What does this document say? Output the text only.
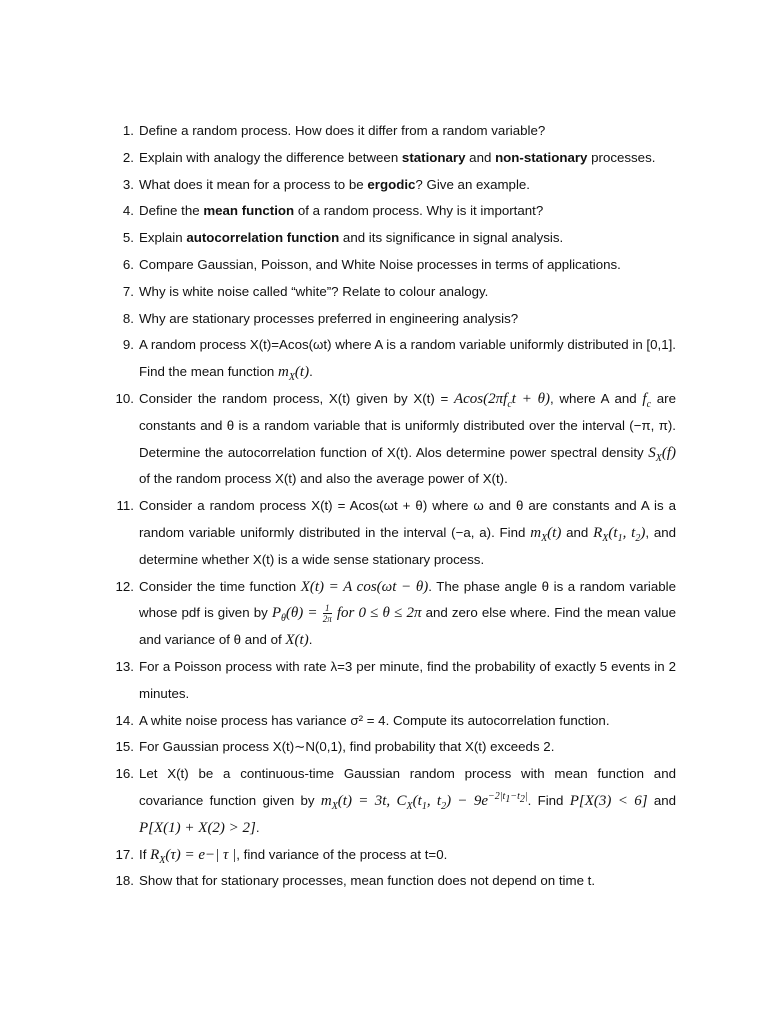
1. Define a random process. How does it differ from a random variable?
2. Explain with analogy the difference between stationary and non-stationary processes.
3. What does it mean for a process to be ergodic? Give an example.
4. Define the mean function of a random process. Why is it important?
5. Explain autocorrelation function and its significance in signal analysis.
6. Compare Gaussian, Poisson, and White Noise processes in terms of applications.
7. Why is white noise called “white”? Relate to colour analogy.
8. Why are stationary processes preferred in engineering analysis?
9. A random process X(t)=Acos(ωt) where A is a random variable uniformly distributed in [0,1]. Find the mean function $m_X(t)$.
10. Consider the random process, X(t) given by $X(t) = Acos(2\pi f_ct + \theta)$, where A and $f_c$ are constants and θ is a random variable that is uniformly distributed over the interval (−π, π). Determine the autocorrelation function of X(t). Alos determine power spectral density $S_X(f)$ of the random process X(t) and also the average power of X(t).
11. Consider a random process X(t) = Acos(ωt + θ) where ω and θ are constants and A is a random variable uniformly distributed in the interval (−a, a). Find $m_X(t)$ and $R_X(t_1$, $t_2$), and determine whether X(t) is a wide sense stationary process.
12. Consider the time function X(t) = A cos(ωt − θ). The phase angle θ is a random variable whose pdf is given by $P_\theta(\theta) = \frac{1}{2\pi}$ for 0 ≤ θ ≤ 2π and zero else where. Find the mean value and variance of θ and of X(t).
13. For a Poisson process with rate λ=3 per minute, find the probability of exactly 5 events in 2 minutes.
14. A white noise process has variance σ² = 4. Compute its autocorrelation function.
15. For Gaussian process X(t)∼N(0,1), find probability that X(t) exceeds 2.
16. Let X(t) be a continuous-time Gaussian random process with mean function and covariance function given by $m_X(t) = 3t$, $C_X(t_1$, $t_2) - 9e^{-2|t_1-t_2|}$. Find P[X(3) < 6] and P[X(1) + X(2) > 2].
17. If $R_X(\tau) = e-|$ τ |, find variance of the process at t=0.
18. Show that for stationary processes, mean function does not depend on time t.
